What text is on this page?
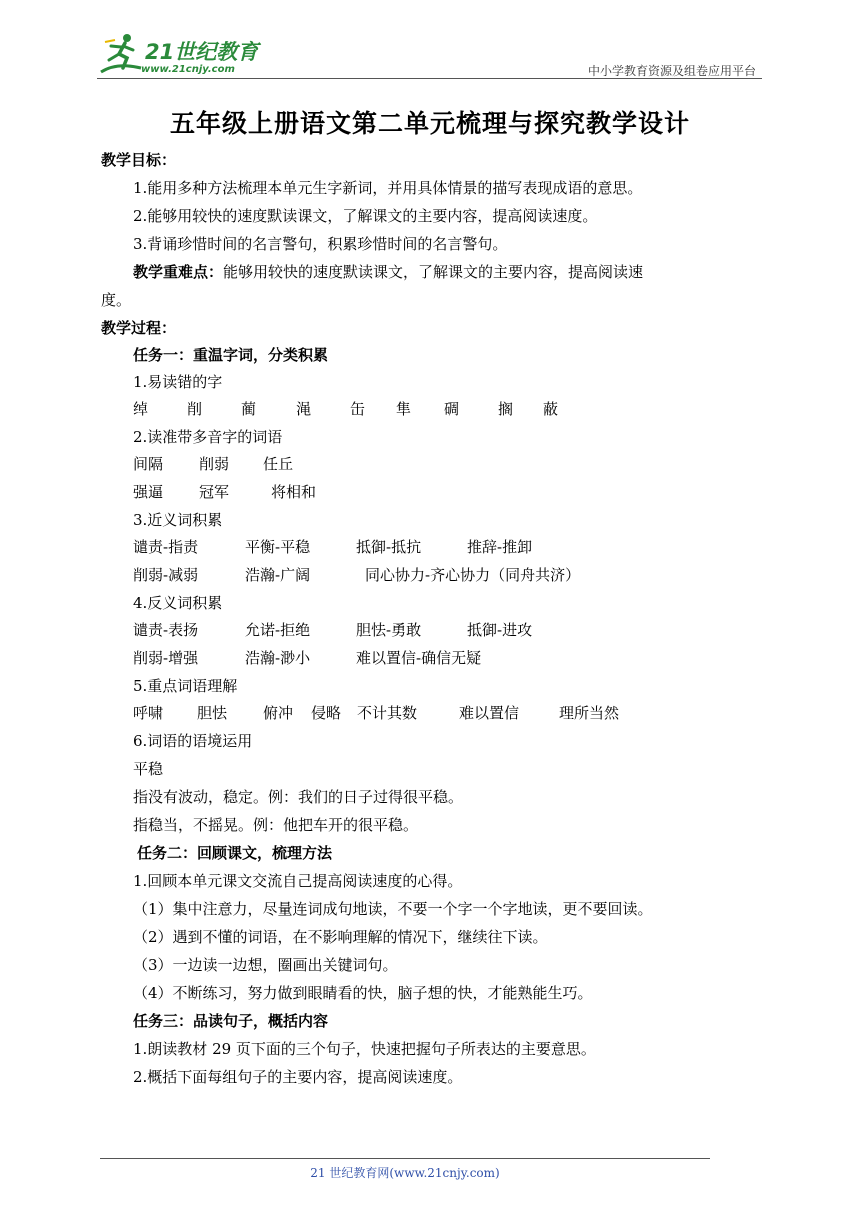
21世纪教育
www.21cnjy.com	中小学教育资源及组卷应用平台
五年级上册语文第二单元梳理与探究教学设计
教学目标：
1.能用多种方法梳理本单元生字新词，并用具体情景的描写表现成语的意思。
2.能够用较快的速度默读课文，了解课文的主要内容，提高阅读速度。
3.背诵珍惜时间的名言警句，积累珍惜时间的名言警句。
教学重难点：能够用较快的速度默读课文，了解课文的主要内容，提高阅读速
度。
教学过程：
任务一：重温字词，分类积累
1.易读错的字
绰	削	蔺	渑	缶 隼 碉	搁 蔽
2.读准带多音字的词语
间隔 削弱 任丘
强逼 冠军	将相和
3.近义词积累
谴责-指责	平衡-平稳	抵御-抵抗	推辞-推卸
削弱-减弱	浩瀚-广阔	同心协力-齐心协力（同舟共济）
4.反义词积累
谴责-表扬	允诺-拒绝	胆怯-勇敢	抵御-进攻
削弱-增强	浩瀚-渺小	难以置信-确信无疑
5.重点词语理解
呼啸 胆怯 俯冲 侵略 不计其数	难以置信	理所当然
6.词语的语境运用
平稳
指没有波动，稳定。例：我们的日子过得很平稳。
指稳当，不摇晃。例：他把车开的很平稳。
任务二：回顾课文，梳理方法
1.回顾本单元课文交流自己提高阅读速度的心得。
（1）集中注意力，尽量连词成句地读，不要一个字一个字地读，更不要回读。
（2）遇到不懂的词语，在不影响理解的情况下，继续往下读。
（3）一边读一边想，圈画出关键词句。
（4）不断练习，努力做到眼睛看的快，脑子想的快，才能熟能生巧。
任务三：品读句子，概括内容
1.朗读教材 29 页下面的三个句子，快速把握句子所表达的主要意思。
2.概括下面每组句子的主要内容，提高阅读速度。
21 世纪教育网(www.21cnjy.com)
